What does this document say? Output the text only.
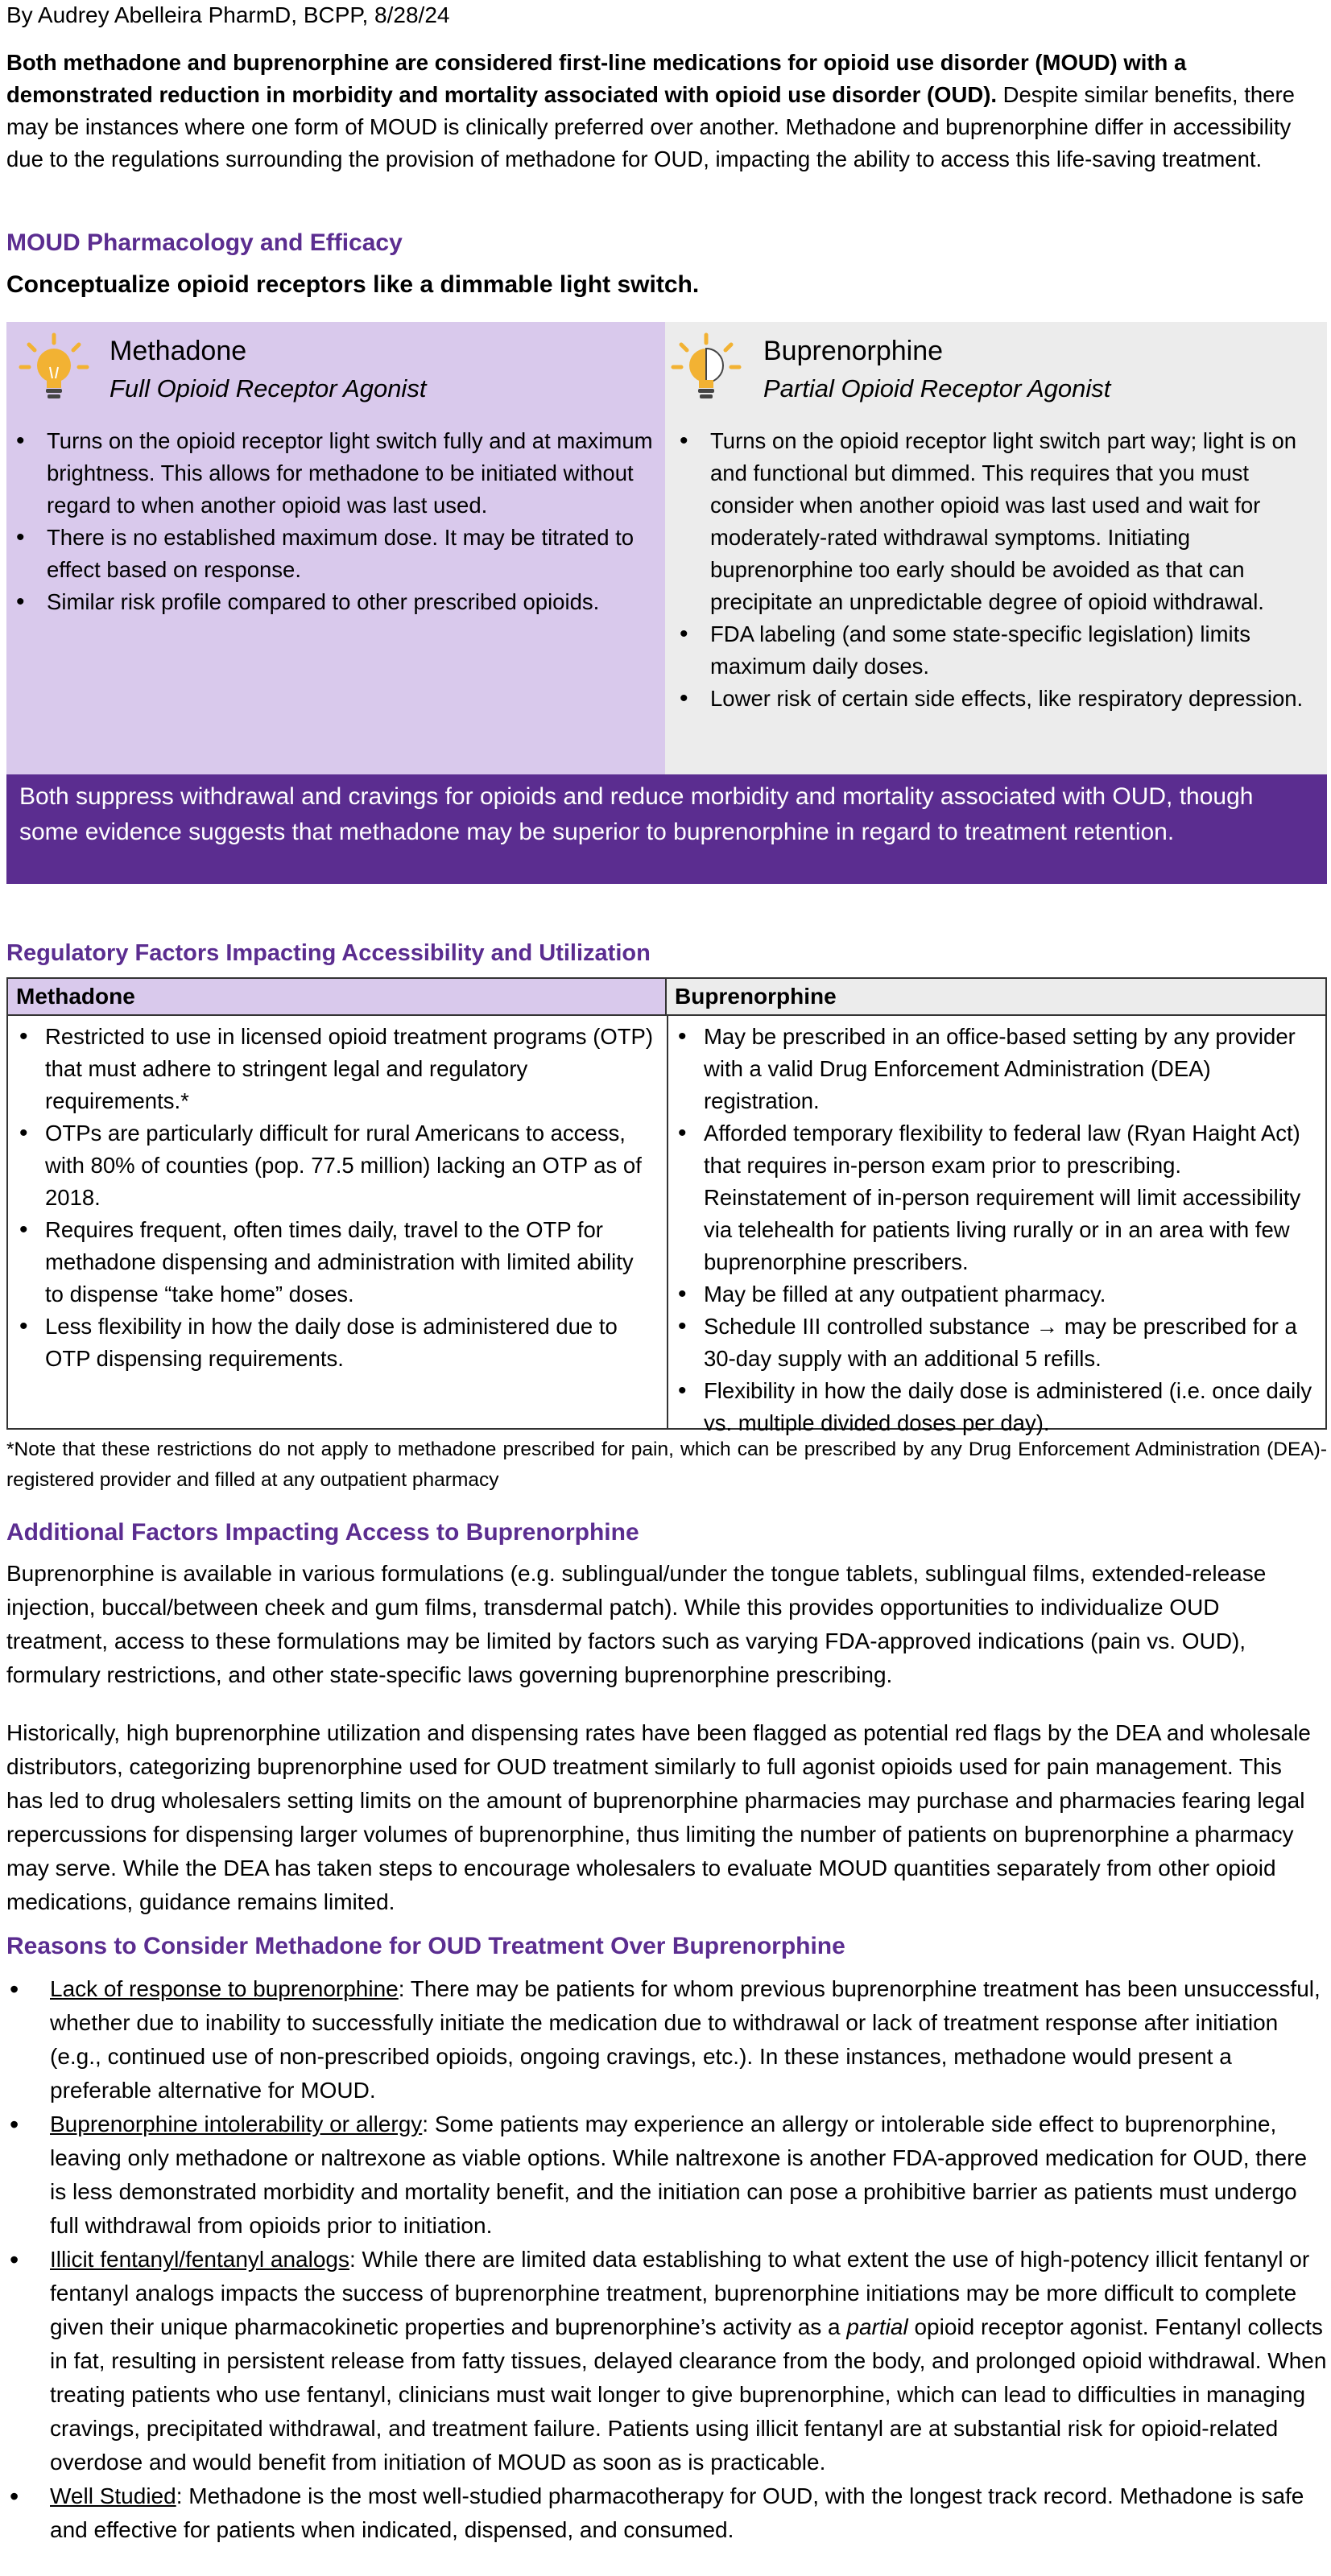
By Audrey Abelleira PharmD, BCPP, 8/28/24

Both methadone and buprenorphine are considered first-line medications for opioid use disorder (MOUD) with a demonstrated reduction in morbidity and mortality associated with opioid use disorder (OUD). Despite similar benefits, there may be instances where one form of MOUD is clinically preferred over another. Methadone and buprenorphine differ in accessibility due to the regulations surrounding the provision of methadone for OUD, impacting the ability to access this life-saving treatment.

MOUD Pharmacology and Efficacy

Conceptualize opioid receptors like a dimmable light switch.

Methadone
Full Opioid Receptor Agonist
• Turns on the opioid receptor light switch fully and at maximum brightness. This allows for methadone to be initiated without regard to when another opioid was last used.
• There is no established maximum dose. It may be titrated to effect based on response.
• Similar risk profile compared to other prescribed opioids.
Buprenorphine
Partial Opioid Receptor Agonist
• Turns on the opioid receptor light switch part way; light is on and functional but dimmed. This requires that you must consider when another opioid was last used and wait for moderately-rated withdrawal symptoms. Initiating buprenorphine too early should be avoided as that can precipitate an unpredictable degree of opioid withdrawal.
• FDA labeling (and some state-specific legislation) limits maximum daily doses.
• Lower risk of certain side effects, like respiratory depression.
Both suppress withdrawal and cravings for opioids and reduce morbidity and mortality associated with OUD, though some evidence suggests that methadone may be superior to buprenorphine in regard to treatment retention.

Regulatory Factors Impacting Accessibility and Utilization

Methadone	Buprenorphine
• Restricted to use in licensed opioid treatment programs (OTP) that must adhere to stringent legal and regulatory requirements.*
• OTPs are particularly difficult for rural Americans to access, with 80% of counties (pop. 77.5 million) lacking an OTP as of 2018.
• Requires frequent, often times daily, travel to the OTP for methadone dispensing and administration with limited ability to dispense “take home” doses.
• Less flexibility in how the daily dose is administered due to OTP dispensing requirements.
• May be prescribed in an office-based setting by any provider with a valid Drug Enforcement Administration (DEA) registration.
• Afforded temporary flexibility to federal law (Ryan Haight Act) that requires in-person exam prior to prescribing. Reinstatement of in-person requirement will limit accessibility via telehealth for patients living rurally or in an area with few buprenorphine prescribers.
• May be filled at any outpatient pharmacy.
• Schedule III controlled substance → may be prescribed for a 30-day supply with an additional 5 refills.
• Flexibility in how the daily dose is administered (i.e. once daily vs. multiple divided doses per day).

*Note that these restrictions do not apply to methadone prescribed for pain, which can be prescribed by any Drug Enforcement Administration (DEA)-registered provider and filled at any outpatient pharmacy

Additional Factors Impacting Access to Buprenorphine

Buprenorphine is available in various formulations (e.g. sublingual/under the tongue tablets, sublingual films, extended-release injection, buccal/between cheek and gum films, transdermal patch). While this provides opportunities to individualize OUD treatment, access to these formulations may be limited by factors such as varying FDA-approved indications (pain vs. OUD), formulary restrictions, and other state-specific laws governing buprenorphine prescribing.

Historically, high buprenorphine utilization and dispensing rates have been flagged as potential red flags by the DEA and wholesale distributors, categorizing buprenorphine used for OUD treatment similarly to full agonist opioids used for pain management. This has led to drug wholesalers setting limits on the amount of buprenorphine pharmacies may purchase and pharmacies fearing legal repercussions for dispensing larger volumes of buprenorphine, thus limiting the number of patients on buprenorphine a pharmacy may serve. While the DEA has taken steps to encourage wholesalers to evaluate MOUD quantities separately from other opioid medications, guidance remains limited.

Reasons to Consider Methadone for OUD Treatment Over Buprenorphine

• Lack of response to buprenorphine: There may be patients for whom previous buprenorphine treatment has been unsuccessful, whether due to inability to successfully initiate the medication due to withdrawal or lack of treatment response after initiation (e.g., continued use of non-prescribed opioids, ongoing cravings, etc.). In these instances, methadone would present a preferable alternative for MOUD.
• Buprenorphine intolerability or allergy: Some patients may experience an allergy or intolerable side effect to buprenorphine, leaving only methadone or naltrexone as viable options. While naltrexone is another FDA-approved medication for OUD, there is less demonstrated morbidity and mortality benefit, and the initiation can pose a prohibitive barrier as patients must undergo full withdrawal from opioids prior to initiation.
• Illicit fentanyl/fentanyl analogs: While there are limited data establishing to what extent the use of high-potency illicit fentanyl or fentanyl analogs impacts the success of buprenorphine treatment, buprenorphine initiations may be more difficult to complete given their unique pharmacokinetic properties and buprenorphine’s activity as a partial opioid receptor agonist. Fentanyl collects in fat, resulting in persistent release from fatty tissues, delayed clearance from the body, and prolonged opioid withdrawal. When treating patients who use fentanyl, clinicians must wait longer to give buprenorphine, which can lead to difficulties in managing cravings, precipitated withdrawal, and treatment failure. Patients using illicit fentanyl are at substantial risk for opioid-related overdose and would benefit from initiation of MOUD as soon as is practicable.
• Well Studied: Methadone is the most well-studied pharmacotherapy for OUD, with the longest track record. Methadone is safe and effective for patients when indicated, dispensed, and consumed.
